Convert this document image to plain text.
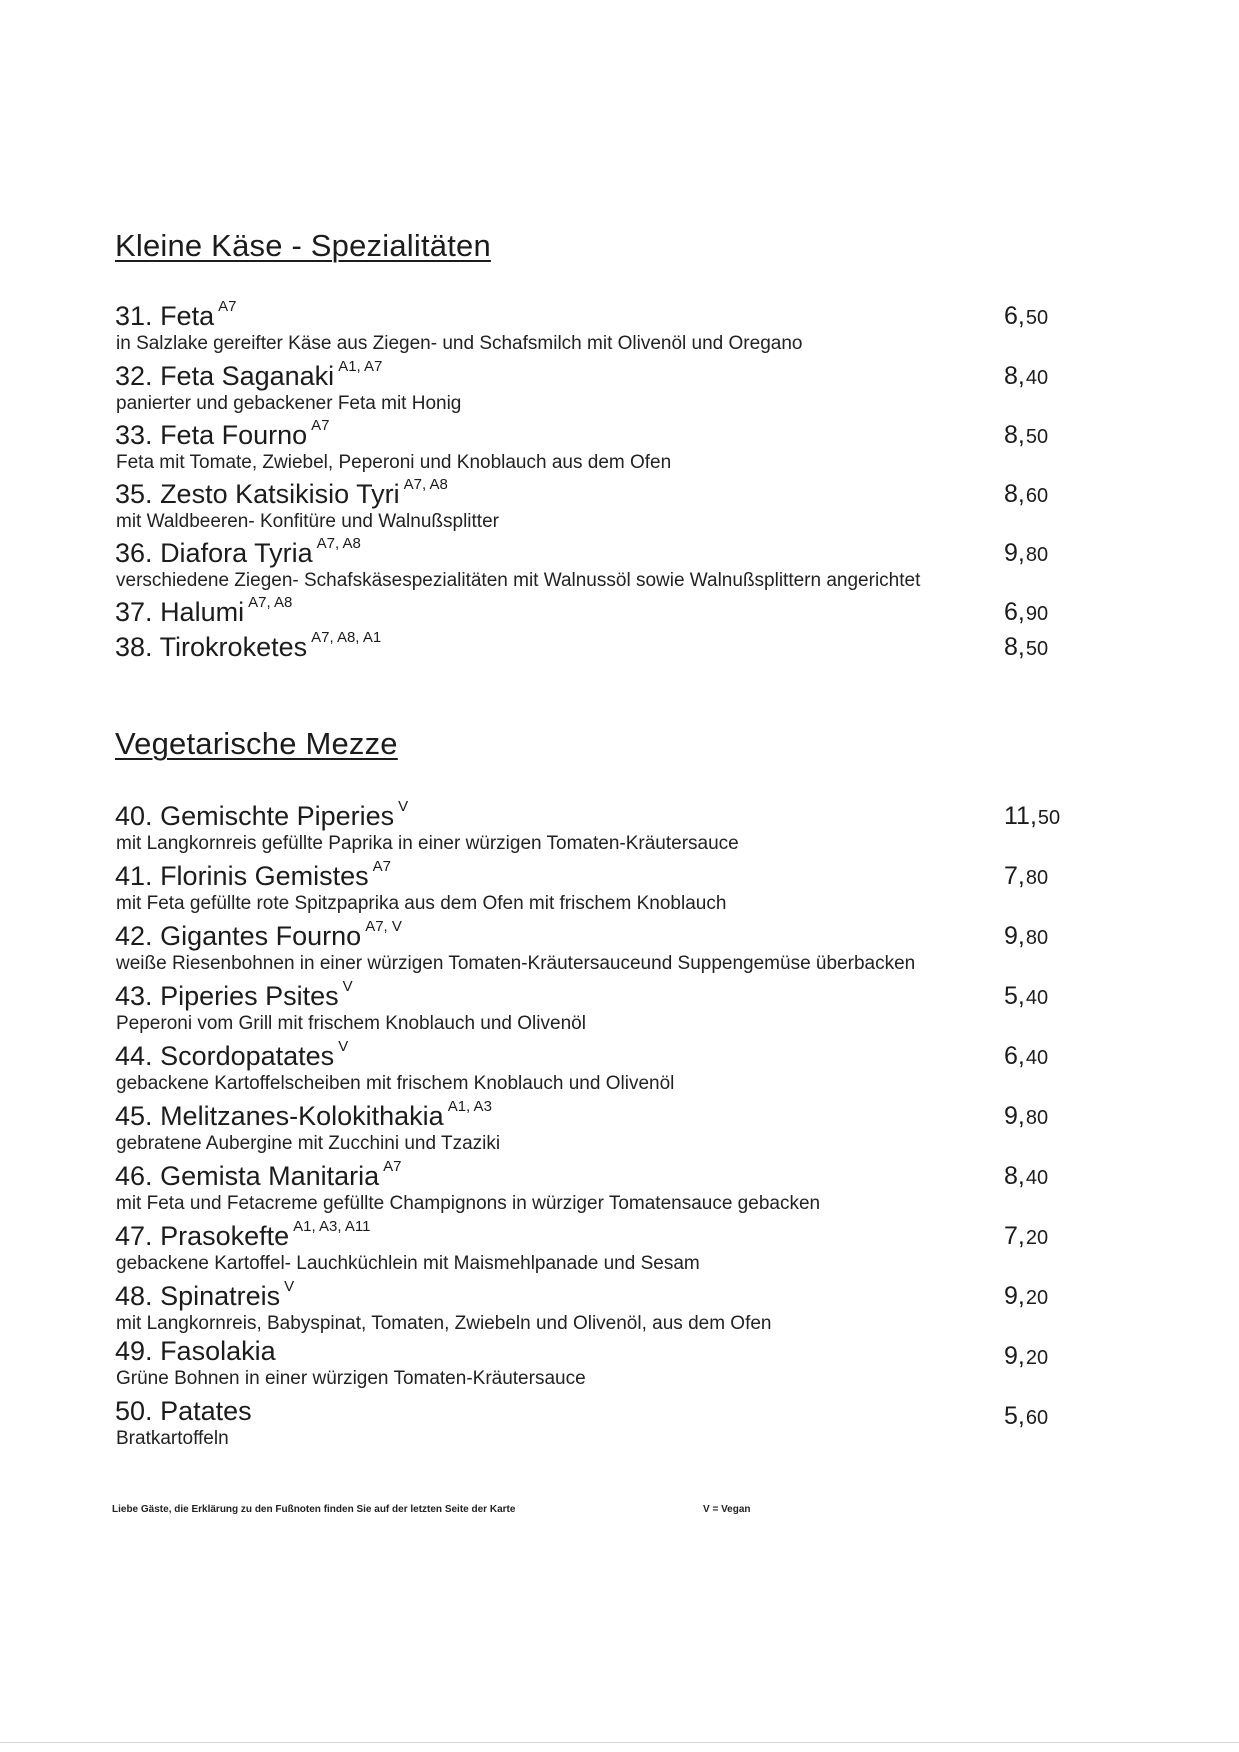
Kleine Käse - Spezialitäten
31. Feta $^{A7}$
in Salzlake gereifter Käse aus Ziegen- und Schafsmilch mit Olivenöl und Oregano
6,50
32. Feta Saganaki $^{A1, A7}$
panierter und gebackener Feta mit Honig
8,40
33. Feta Fourno $^{A7}$
Feta mit Tomate, Zwiebel, Peperoni und Knoblauch aus dem Ofen
8,50
35. Zesto Katsikisio Tyri $^{A7, A8}$
mit Waldbeeren- Konfitüre und Walnußsplitter
8,60
36. Diafora Tyria $^{A7, A8}$
verschiedene Ziegen- Schafskäsespezialitäten mit Walnussöl sowie Walnußsplittern angerichtet
9,80
37. Halumi $^{A7, A8}$	6,90
38. Tirokroketes $^{A7, A8, A1}$	8,50
Vegetarische Mezze
40. Gemischte Piperies $^V$
mit Langkornreis gefüllte Paprika in einer würzigen Tomaten-Kräutersauce
11,50
41. Florinis Gemistes $^{A7}$
mit Feta gefüllte rote Spitzpaprika aus dem Ofen mit frischem Knoblauch
7,80
42. Gigantes Fourno $^{A7, V}$
weiße Riesenbohnen in einer würzigen Tomaten-Kräutersauceund Suppengemüse überbacken
9,80
43. Piperies Psites $^V$
Peperoni vom Grill mit frischem Knoblauch und Olivenöl
5,40
44. Scordopatates $^V$
gebackene Kartoffelscheiben mit frischem Knoblauch und Olivenöl
6,40
45. Melitzanes-Kolokithakia $^{A1, A3}$
gebratene Aubergine mit Zucchini und Tzaziki
9,80
46. Gemista Manitaria $^{A7}$
mit Feta und Fetacreme gefüllte Champignons in würziger Tomatensauce gebacken
8,40
47. Prasokefte $^{A1, A3, A11}$
gebackene Kartoffel- Lauchküchlein mit Maismehlpanade und Sesam
7,20
48. Spinatreis $^V$
mit Langkornreis, Babyspinat, Tomaten, Zwiebeln und Olivenöl, aus dem Ofen
9,20
49. Fasolakia
Grüne Bohnen in einer würzigen Tomaten-Kräutersauce
9,20
50. Patates
Bratkartoffeln
5,60
Liebe Gäste, die Erklärung zu den Fußnoten finden Sie auf der letzten Seite der Karte	V = Vegan
